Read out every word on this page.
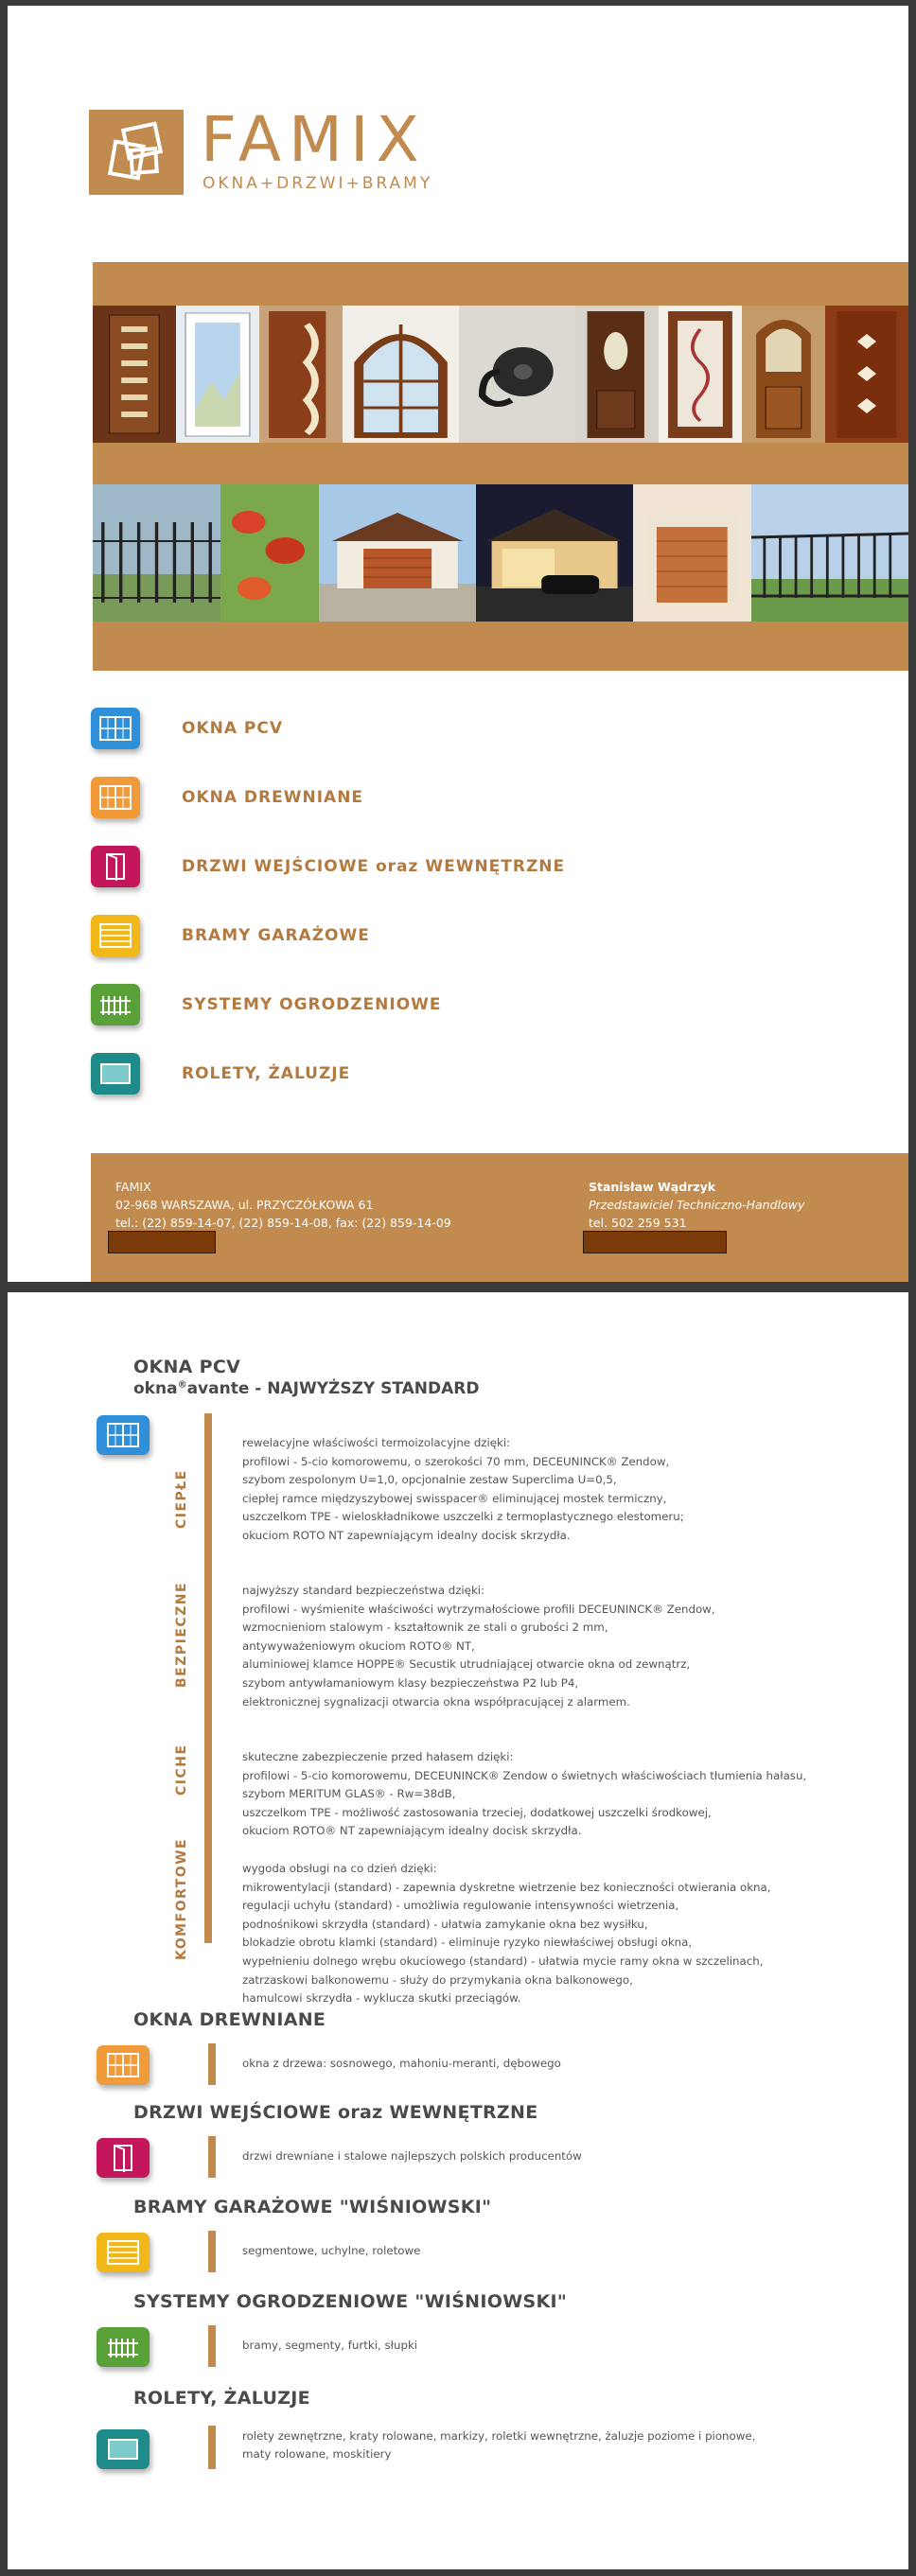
FAMIX
OKNA+DRZWI+BRAMY
OKNA PCV
OKNA DREWNIANE
DRZWI WEJŚCIOWE oraz WEWNĘTRZNE
BRAMY GARAŻOWE
SYSTEMY OGRODZENIOWE
ROLETY, ŻALUZJE
FAMIX
02-968 WARSZAWA, ul. PRZYCZÓŁKOWA 61
tel.: (22) 859-14-07, (22) 859-14-08, fax: (22) 859-14-09
Stanisław Wądrzyk
Przedstawiciel Techniczno-Handlowy
tel. 502 259 531
OKNA PCV
okna®avante - NAJWYŻSZY STANDARD
CIEPŁE
BEZPIECZNE
CICHE
KOMFORTOWE
rewelacyjne właściwości termoizolacyjne dzięki:
profilowi - 5-cio komorowemu, o szerokości 70 mm, DECEUNINCK® Zendow,
szybom zespolonym U=1,0, opcjonalnie zestaw Superclima U=0,5,
ciepłej ramce międzyszybowej swisspacer® eliminującej mostek termiczny,
uszczelkom TPE - wieloskładnikowe uszczelki z termoplastycznego elestomeru;
okuciom ROTO NT zapewniającym idealny docisk skrzydła.
najwyższy standard bezpieczeństwa dzięki:
profilowi - wyśmienite właściwości wytrzymałościowe profili DECEUNINCK® Zendow,
wzmocnieniom stalowym - kształtownik ze stali o grubości 2 mm,
antywyważeniowym okuciom ROTO® NT,
aluminiowej klamce HOPPE® Secustik utrudniającej otwarcie okna od zewnątrz,
szybom antywłamaniowym klasy bezpieczeństwa P2 lub P4,
elektronicznej sygnalizacji otwarcia okna współpracującej z alarmem.
skuteczne zabezpieczenie przed hałasem dzięki:
profilowi - 5-cio komorowemu, DECEUNINCK® Zendow o świetnych właściwościach tłumienia hałasu,
szybom MERITUM GLAS® - Rw=38dB,
uszczelkom TPE - możliwość zastosowania trzeciej, dodatkowej uszczelki środkowej,
okuciom ROTO® NT zapewniającym idealny docisk skrzydła.
wygoda obsługi na co dzień dzięki:
mikrowentylacji (standard) - zapewnia dyskretne wietrzenie bez konieczności otwierania okna,
regulacji uchyłu (standard) - umożliwia regulowanie intensywności wietrzenia,
podnośnikowi skrzydła (standard) - ułatwia zamykanie okna bez wysiłku,
blokadzie obrotu klamki (standard) - eliminuje ryzyko niewłaściwej obsługi okna,
wypełnieniu dolnego wrębu okuciowego (standard) - ułatwia mycie ramy okna w szczelinach,
zatrzaskowi balkonowemu - służy do przymykania okna balkonowego,
hamulcowi skrzydła - wyklucza skutki przeciągów.
OKNA DREWNIANE
okna z drzewa: sosnowego, mahoniu-meranti, dębowego
DRZWI WEJŚCIOWE oraz WEWNĘTRZNE
drzwi drewniane i stalowe najlepszych polskich producentów
BRAMY GARAŻOWE "WIŚNIOWSKI"
segmentowe, uchylne, roletowe
SYSTEMY OGRODZENIOWE "WIŚNIOWSKI"
bramy, segmenty, furtki, słupki
ROLETY, ŻALUZJE
rolety zewnętrzne, kraty rolowane, markizy, roletki wewnętrzne, żaluzje poziome i pionowe,
maty rolowane, moskitiery
